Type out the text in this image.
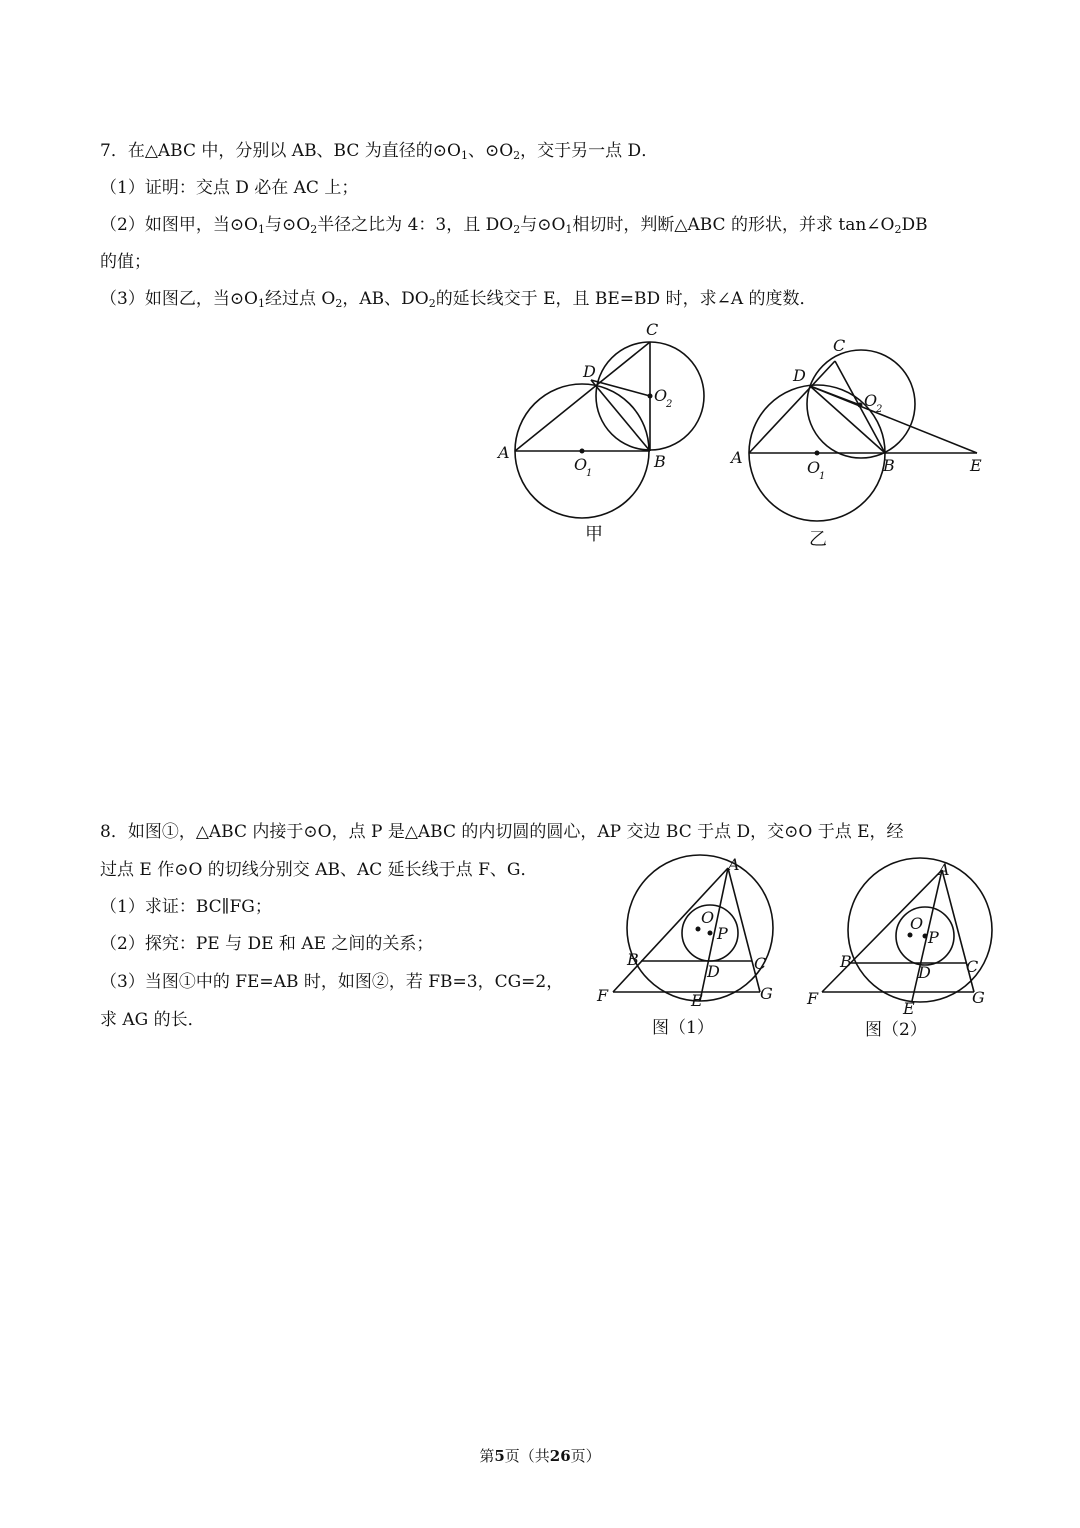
7．在△ABC 中，分别以 AB、BC 为直径的$⊙O_1$、$⊙O_2$，交于另一点 D．
（1）证明：交点 D 必在 AC 上；
（2）如图甲，当$⊙O_1$与$⊙O_2$半径之比为 4：3，且 $DO_2$与$⊙O_1$相切时，判断△ABC 的形状，并求 $\tan\angle O_2DB$
的值；
（3）如图乙，当$⊙O_1$经过点 $O_2$，AB、$DO_2$的延长线交于 E，且 BE=BD 时，求∠A 的度数．
A	B
C
D
O
1
O
2
甲
A	B
C
D
E
O
1
O
2
乙
8．如图①，△ABC 内接于⊙O，点 P 是△ABC 的内切圆的圆心，AP 交边 BC 于点 D，交⊙O 于点 E，经
过点 E 作⊙O 的切线分别交 AB、AC 延长线于点 F、G．
（1）求证：BC∥FG；
（2）探究：PE 与 DE 和 AE 之间的关系；
（3）当图①中的 FE=AB 时，如图②，若 FB=3，CG=2，
求 AG 的长．
A
B	C
D
E
F	G
O
P
图（1）
A
B	C
D
E
F	G
O
P
图（2）
第5页（共26页）
